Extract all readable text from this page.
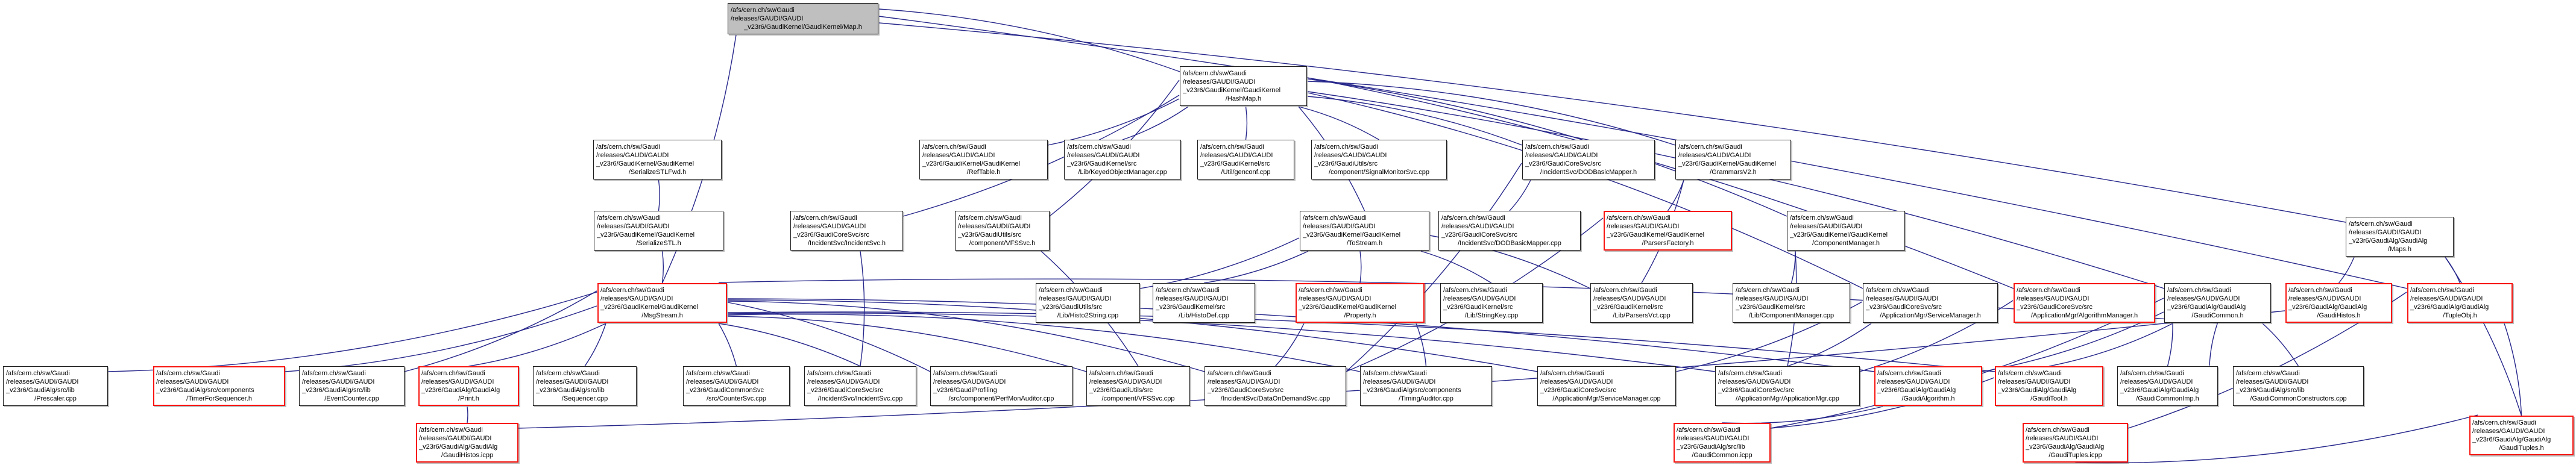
/afs/cern.ch/sw/Gaudi
/releases/GAUDI/GAUDI
_v23r6/GaudiKernel/GaudiKernel/Map.h
/afs/cern.ch/sw/Gaudi
/releases/GAUDI/GAUDI
_v23r6/GaudiKernel/GaudiKernel
/HashMap.h
/afs/cern.ch/sw/Gaudi
/releases/GAUDI/GAUDI
_v23r6/GaudiKernel/GaudiKernel
/SerializeSTLFwd.h
/afs/cern.ch/sw/Gaudi
/releases/GAUDI/GAUDI
_v23r6/GaudiKernel/GaudiKernel
/RefTable.h
/afs/cern.ch/sw/Gaudi
/releases/GAUDI/GAUDI
_v23r6/GaudiKernel/src
/Lib/KeyedObjectManager.cpp
/afs/cern.ch/sw/Gaudi
/releases/GAUDI/GAUDI
_v23r6/GaudiKernel/src
/Util/genconf.cpp
/afs/cern.ch/sw/Gaudi
/releases/GAUDI/GAUDI
_v23r6/GaudiUtils/src
/component/SignalMonitorSvc.cpp
/afs/cern.ch/sw/Gaudi
/releases/GAUDI/GAUDI
_v23r6/GaudiCoreSvc/src
/IncidentSvc/DODBasicMapper.h
/afs/cern.ch/sw/Gaudi
/releases/GAUDI/GAUDI
_v23r6/GaudiKernel/GaudiKernel
/GrammarsV2.h
/afs/cern.ch/sw/Gaudi
/releases/GAUDI/GAUDI
_v23r6/GaudiKernel/GaudiKernel
/SerializeSTL.h
/afs/cern.ch/sw/Gaudi
/releases/GAUDI/GAUDI
_v23r6/GaudiCoreSvc/src
/IncidentSvc/IncidentSvc.h
/afs/cern.ch/sw/Gaudi
/releases/GAUDI/GAUDI
_v23r6/GaudiUtils/src
/component/VFSSvc.h
/afs/cern.ch/sw/Gaudi
/releases/GAUDI/GAUDI
_v23r6/GaudiKernel/GaudiKernel
/ToStream.h
/afs/cern.ch/sw/Gaudi
/releases/GAUDI/GAUDI
_v23r6/GaudiCoreSvc/src
/IncidentSvc/DODBasicMapper.cpp
/afs/cern.ch/sw/Gaudi
/releases/GAUDI/GAUDI
_v23r6/GaudiKernel/GaudiKernel
/ParsersFactory.h
/afs/cern.ch/sw/Gaudi
/releases/GAUDI/GAUDI
_v23r6/GaudiKernel/GaudiKernel
/ComponentManager.h
/afs/cern.ch/sw/Gaudi
/releases/GAUDI/GAUDI
_v23r6/GaudiAlg/GaudiAlg
/Maps.h
/afs/cern.ch/sw/Gaudi
/releases/GAUDI/GAUDI
_v23r6/GaudiKernel/GaudiKernel
/MsgStream.h
/afs/cern.ch/sw/Gaudi
/releases/GAUDI/GAUDI
_v23r6/GaudiUtils/src
/Lib/Histo2String.cpp
/afs/cern.ch/sw/Gaudi
/releases/GAUDI/GAUDI
_v23r6/GaudiKernel/src
/Lib/HistoDef.cpp
/afs/cern.ch/sw/Gaudi
/releases/GAUDI/GAUDI
_v23r6/GaudiKernel/GaudiKernel
/Property.h
/afs/cern.ch/sw/Gaudi
/releases/GAUDI/GAUDI
_v23r6/GaudiKernel/src
/Lib/StringKey.cpp
/afs/cern.ch/sw/Gaudi
/releases/GAUDI/GAUDI
_v23r6/GaudiKernel/src
/Lib/ParsersVct.cpp
/afs/cern.ch/sw/Gaudi
/releases/GAUDI/GAUDI
_v23r6/GaudiKernel/src
/Lib/ComponentManager.cpp
/afs/cern.ch/sw/Gaudi
/releases/GAUDI/GAUDI
_v23r6/GaudiCoreSvc/src
/ApplicationMgr/ServiceManager.h
/afs/cern.ch/sw/Gaudi
/releases/GAUDI/GAUDI
_v23r6/GaudiCoreSvc/src
/ApplicationMgr/AlgorithmManager.h
/afs/cern.ch/sw/Gaudi
/releases/GAUDI/GAUDI
_v23r6/GaudiAlg/GaudiAlg
/GaudiCommon.h
/afs/cern.ch/sw/Gaudi
/releases/GAUDI/GAUDI
_v23r6/GaudiAlg/GaudiAlg
/GaudiHistos.h
/afs/cern.ch/sw/Gaudi
/releases/GAUDI/GAUDI
_v23r6/GaudiAlg/GaudiAlg
/TupleObj.h
/afs/cern.ch/sw/Gaudi
/releases/GAUDI/GAUDI
_v23r6/GaudiAlg/src/lib
/Prescaler.cpp
/afs/cern.ch/sw/Gaudi
/releases/GAUDI/GAUDI
_v23r6/GaudiAlg/src/components
/TimerForSequencer.h
/afs/cern.ch/sw/Gaudi
/releases/GAUDI/GAUDI
_v23r6/GaudiAlg/src/lib
/EventCounter.cpp
/afs/cern.ch/sw/Gaudi
/releases/GAUDI/GAUDI
_v23r6/GaudiAlg/GaudiAlg
/Print.h
/afs/cern.ch/sw/Gaudi
/releases/GAUDI/GAUDI
_v23r6/GaudiAlg/src/lib
/Sequencer.cpp
/afs/cern.ch/sw/Gaudi
/releases/GAUDI/GAUDI
_v23r6/GaudiCommonSvc
/src/CounterSvc.cpp
/afs/cern.ch/sw/Gaudi
/releases/GAUDI/GAUDI
_v23r6/GaudiCoreSvc/src
/IncidentSvc/IncidentSvc.cpp
/afs/cern.ch/sw/Gaudi
/releases/GAUDI/GAUDI
_v23r6/GaudiProfiling
/src/component/PerfMonAuditor.cpp
/afs/cern.ch/sw/Gaudi
/releases/GAUDI/GAUDI
_v23r6/GaudiUtils/src
/component/VFSSvc.cpp
/afs/cern.ch/sw/Gaudi
/releases/GAUDI/GAUDI
_v23r6/GaudiCoreSvc/src
/IncidentSvc/DataOnDemandSvc.cpp
/afs/cern.ch/sw/Gaudi
/releases/GAUDI/GAUDI
_v23r6/GaudiAlg/src/components
/TimingAuditor.cpp
/afs/cern.ch/sw/Gaudi
/releases/GAUDI/GAUDI
_v23r6/GaudiCoreSvc/src
/ApplicationMgr/ServiceManager.cpp
/afs/cern.ch/sw/Gaudi
/releases/GAUDI/GAUDI
_v23r6/GaudiCoreSvc/src
/ApplicationMgr/ApplicationMgr.cpp
/afs/cern.ch/sw/Gaudi
/releases/GAUDI/GAUDI
_v23r6/GaudiAlg/GaudiAlg
/GaudiAlgorithm.h
/afs/cern.ch/sw/Gaudi
/releases/GAUDI/GAUDI
_v23r6/GaudiAlg/GaudiAlg
/GaudiTool.h
/afs/cern.ch/sw/Gaudi
/releases/GAUDI/GAUDI
_v23r6/GaudiAlg/GaudiAlg
/GaudiCommonImp.h
/afs/cern.ch/sw/Gaudi
/releases/GAUDI/GAUDI
_v23r6/GaudiAlg/src/lib
/GaudiCommonConstructors.cpp
/afs/cern.ch/sw/Gaudi
/releases/GAUDI/GAUDI
_v23r6/GaudiAlg/GaudiAlg
/GaudiTuples.h
/afs/cern.ch/sw/Gaudi
/releases/GAUDI/GAUDI
_v23r6/GaudiAlg/GaudiAlg
/GaudiHistos.icpp
/afs/cern.ch/sw/Gaudi
/releases/GAUDI/GAUDI
_v23r6/GaudiAlg/src/lib
/GaudiCommon.icpp
/afs/cern.ch/sw/Gaudi
/releases/GAUDI/GAUDI
_v23r6/GaudiAlg/GaudiAlg
/GaudiTuples.icpp
